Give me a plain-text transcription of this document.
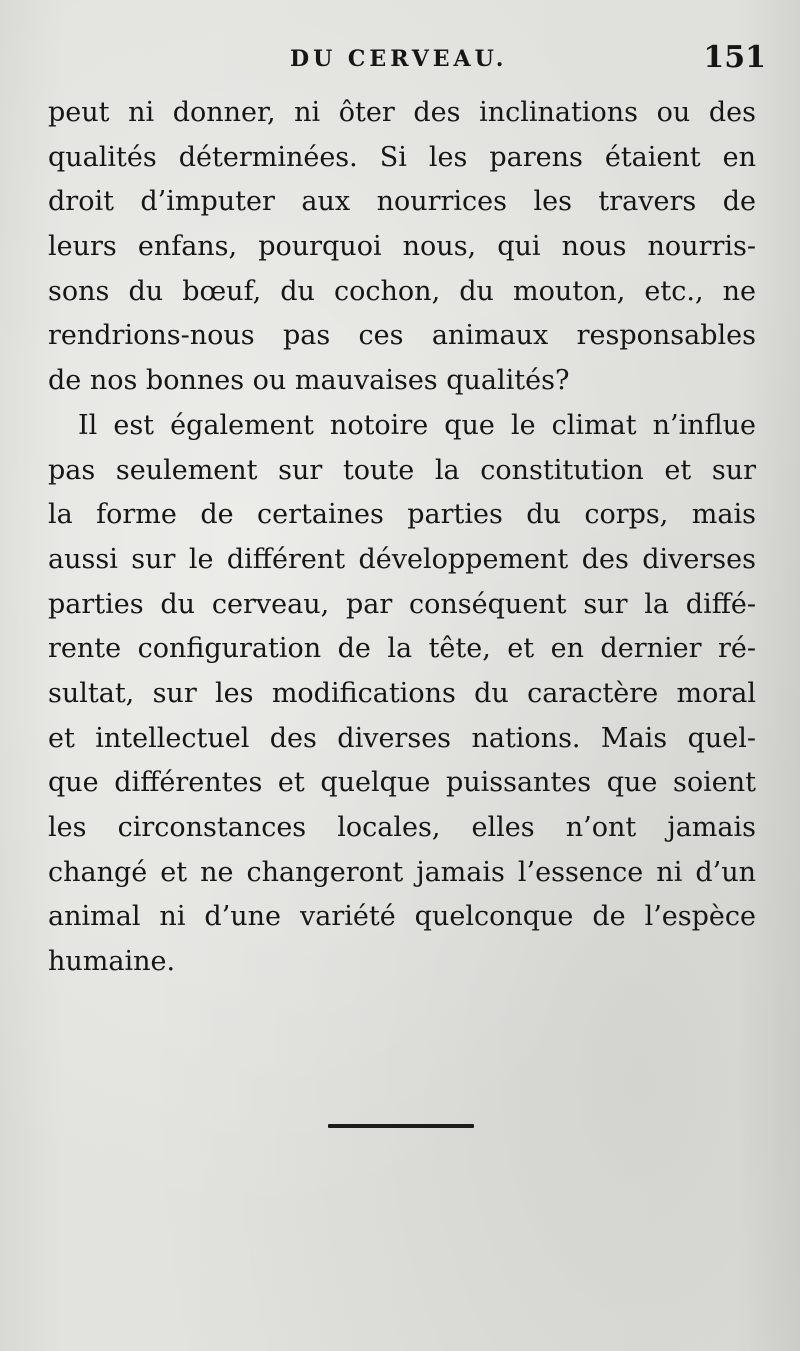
DU CERVEAU.	151

peut ni donner, ni ôter des inclinations ou des
qualités déterminées. Si les parens étaient en
droit d’imputer aux nourrices les travers de
leurs enfans, pourquoi nous, qui nous nourris-
sons du bœuf, du cochon, du mouton, etc., ne
rendrions-nous pas ces animaux responsables
de nos bonnes ou mauvaises qualités?

Il est également notoire que le climat n’influe
pas seulement sur toute la constitution et sur
la forme de certaines parties du corps, mais
aussi sur le différent développement des diverses
parties du cerveau, par conséquent sur la diffé-
rente configuration de la tête, et en dernier ré-
sultat, sur les modifications du caractère moral
et intellectuel des diverses nations. Mais quel-
que différentes et quelque puissantes que soient
les circonstances locales, elles n’ont jamais
changé et ne changeront jamais l’essence ni d’un
animal ni d’une variété quelconque de l’espèce
humaine.
